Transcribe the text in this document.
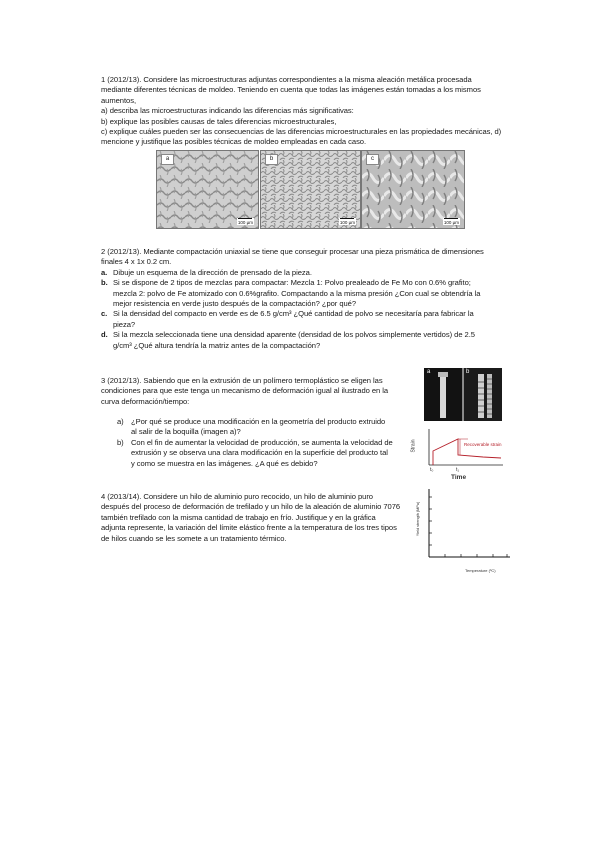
1 (2012/13). Considere las microestructuras adjuntas correspondientes a la misma aleación metálica procesada

mediante diferentes técnicas de moldeo. Teniendo en cuenta que todas las imágenes están tomadas a los mismos

aumentos,

a) describa las microestructuras indicando las diferencias más significativas:

b) explique las posibles causas de tales diferencias microestructurales,

c) explique cuáles pueden ser las consecuencias de las diferencias microestructurales en las propiedades mecánicas, d)

mencione y justifique las posibles técnicas de moldeo empleadas en cada caso.

a
100 µm
b
100 µm
c
100 µm

2 (2012/13). Mediante compactación uniaxial se tiene que conseguir procesar una pieza prismática de dimensiones

finales 4 x 1x 0.2 cm.

a. Dibuje un esquema de la dirección de prensado de la pieza.

b. Si se dispone de 2 tipos de mezclas para compactar: Mezcla 1: Polvo prealeado de Fe Mo con 0.6% grafito;

mezcla 2: polvo de Fe atomizado con 0.6%grafito. Compactando a la misma presión ¿Con cual se obtendría la

mejor resistencia en verde justo después de la compactación? ¿por qué?

c. Si la densidad del compacto en verde es de 6.5 g/cm³ ¿Qué cantidad de polvo se necesitaría para fabricar la

pieza?

d. Si la mezcla seleccionada tiene una densidad aparente (densidad de los polvos simplemente vertidos) de 2.5

g/cm³ ¿Qué altura tendría la matriz antes de la compactación?

3 (2012/13). Sabiendo que en la extrusión de un polímero termoplástico se eligen las

condiciones para que este tenga un mecanismo de deformación igual al ilustrado en la

curva deformación/tiempo:

a) ¿Por qué se produce una modificación en la geometría del producto extruido

al salir de la boquilla (imagen a)?

b) Con el fin de aumentar la velocidad de producción, se aumenta la velocidad de

extrusión y se observa una clara modificación en la superficie del producto tal

y como se muestra en las imágenes. ¿A qué es debido?

a	b
Strain	Recoverable strain
t₀	t₁
Time

4 (2013/14). Considere un hilo de aluminio puro recocido, un hilo de aluminio puro

después del proceso de deformación de trefilado y un hilo de la aleación de aluminio 7076

también trefilado con la misma cantidad de trabajo en frío. Justifique y en la gráfica

adjunta represente, la variación del límite elástico frente a la temperatura de los tres tipos

de hilos cuando se les somete a un tratamiento térmico.

Yield strength (MPa)
Temperature (ºC)
